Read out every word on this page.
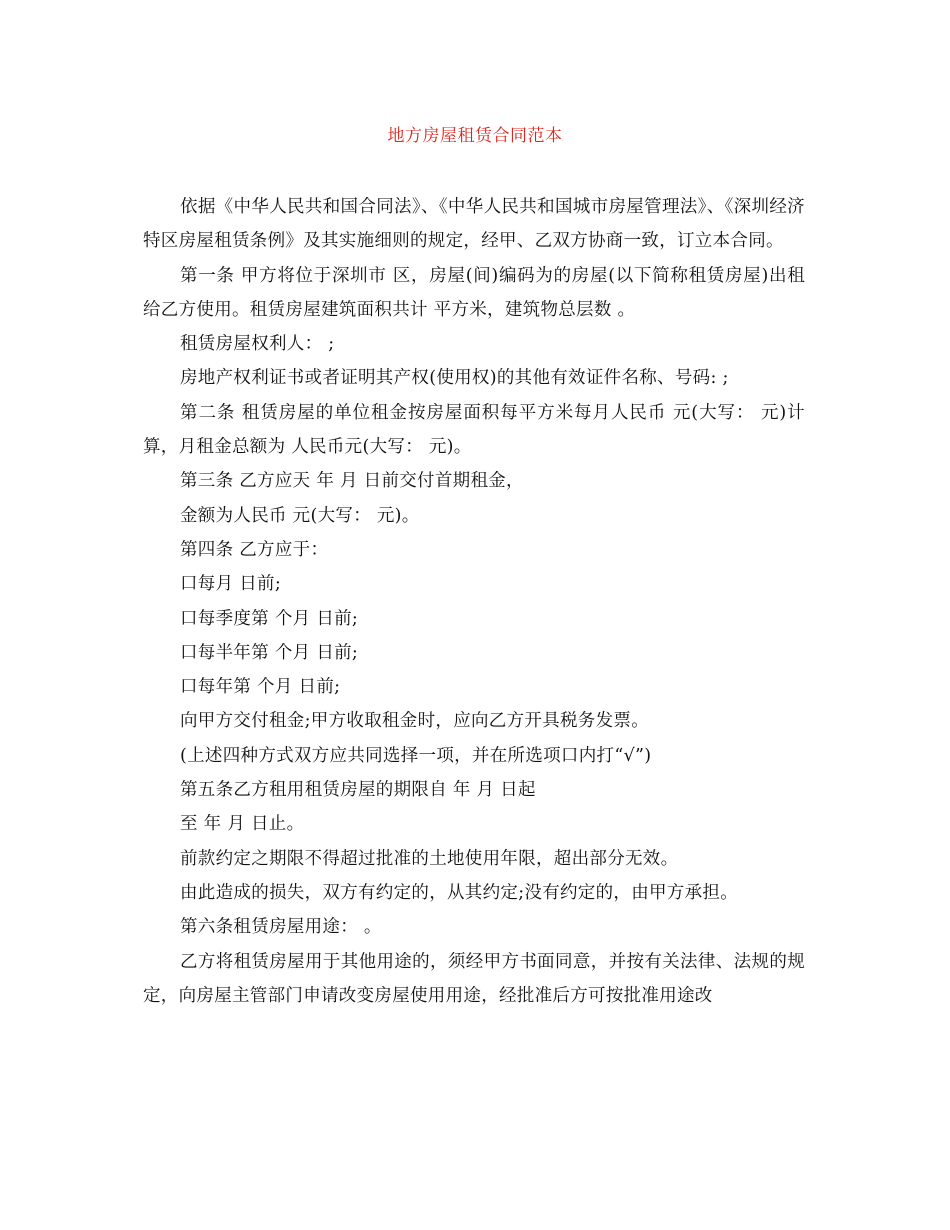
地方房屋租赁合同范本

依据《中华人民共和国合同法》、《中华人民共和国城市房屋管理法》、《深圳经济特区房屋租赁条例》及其实施细则的规定，经甲、乙双方协商一致，订立本合同。

第一条 甲方将位于深圳市 区，房屋(间)编码为的房屋(以下简称租赁房屋)出租给乙方使用。租赁房屋建筑面积共计 平方米，建筑物总层数 。

租赁房屋权利人： ;

房地产权利证书或者证明其产权(使用权)的其他有效证件名称、号码: ;

第二条 租赁房屋的单位租金按房屋面积每平方米每月人民币 元(大写： 元)计算，月租金总额为 人民币元(大写： 元)。

第三条 乙方应天 年 月 日前交付首期租金，

金额为人民币 元(大写： 元)。

第四条 乙方应于：

口每月 日前;

口每季度第 个月 日前;

口每半年第 个月 日前;

口每年第 个月 日前;

向甲方交付租金;甲方收取租金时，应向乙方开具税务发票。

(上述四种方式双方应共同选择一项，并在所选项口内打“√”)

第五条乙方租用租赁房屋的期限自 年 月 日起

至 年 月 日止。

前款约定之期限不得超过批准的土地使用年限，超出部分无效。

由此造成的损失，双方有约定的，从其约定;没有约定的，由甲方承担。

第六条租赁房屋用途： 。

乙方将租赁房屋用于其他用途的，须经甲方书面同意，并按有关法律、法规的规定，向房屋主管部门申请改变房屋使用用途，经批准后方可按批准用途改
